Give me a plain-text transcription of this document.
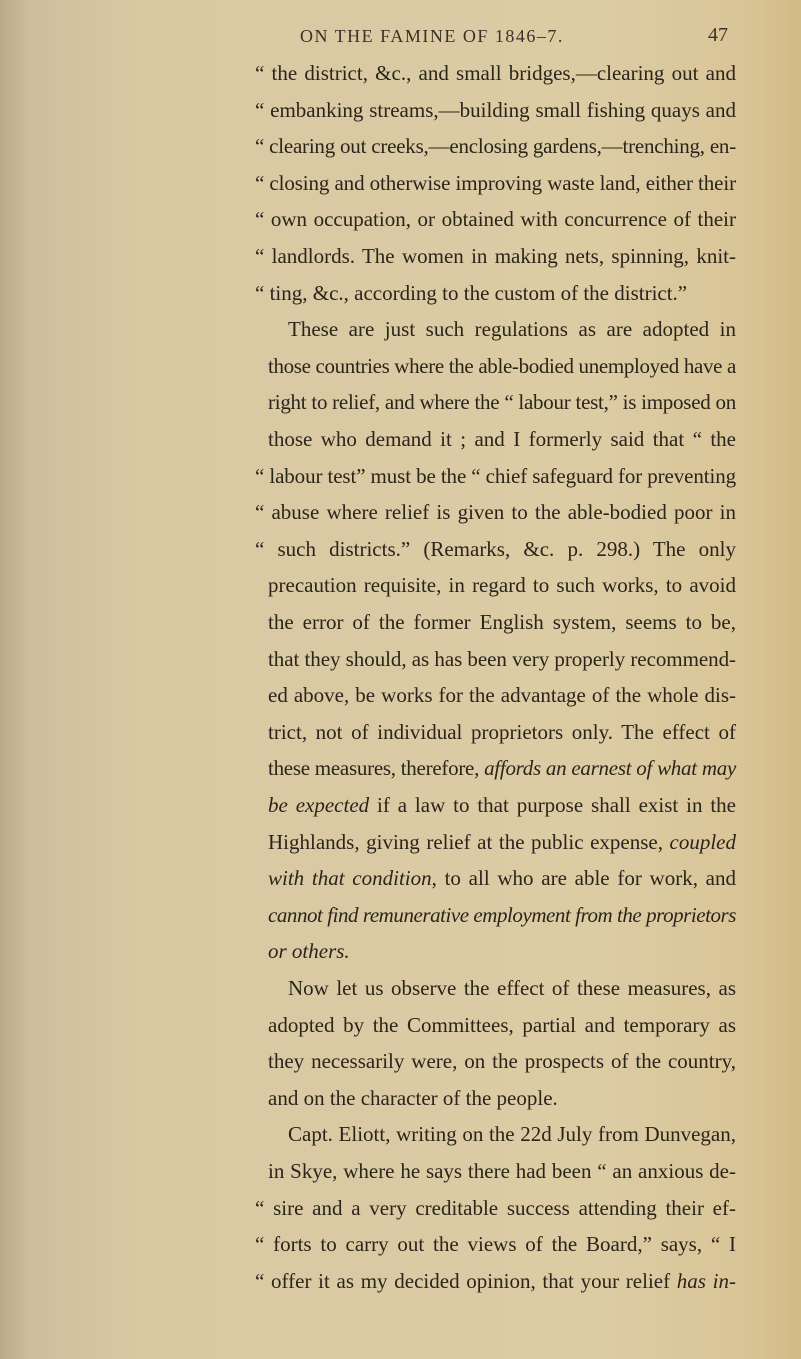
ON THE FAMINE OF 1846–7.	47
“ the district, &c., and small bridges,—clearing out and
“ embanking streams,—building small fishing quays and
“ clearing out creeks,—enclosing gardens,—trenching, en-
“ closing and otherwise improving waste land, either their
“ own occupation, or obtained with concurrence of their
“ landlords. The women in making nets, spinning, knit-
“ ting, &c., according to the custom of the district.”
These are just such regulations as are adopted in
those countries where the able-bodied unemployed have a
right to relief, and where the “ labour test,” is imposed on
those who demand it ; and I formerly said that “ the
“ labour test” must be the “ chief safeguard for preventing
“ abuse where relief is given to the able-bodied poor in
“ such districts.” (Remarks, &c. p. 298.) The only
precaution requisite, in regard to such works, to avoid
the error of the former English system, seems to be,
that they should, as has been very properly recommend-
ed above, be works for the advantage of the whole dis-
trict, not of individual proprietors only. The effect of
these measures, therefore, affords an earnest of what may
be expected if a law to that purpose shall exist in the
Highlands, giving relief at the public expense, coupled
with that condition, to all who are able for work, and
cannot find remunerative employment from the proprietors
or others.
Now let us observe the effect of these measures, as
adopted by the Committees, partial and temporary as
they necessarily were, on the prospects of the country,
and on the character of the people.
Capt. Eliott, writing on the 22d July from Dunvegan,
in Skye, where he says there had been “ an anxious de-
“ sire and a very creditable success attending their ef-
“ forts to carry out the views of the Board,” says, “ I
“ offer it as my decided opinion, that your relief has in-
